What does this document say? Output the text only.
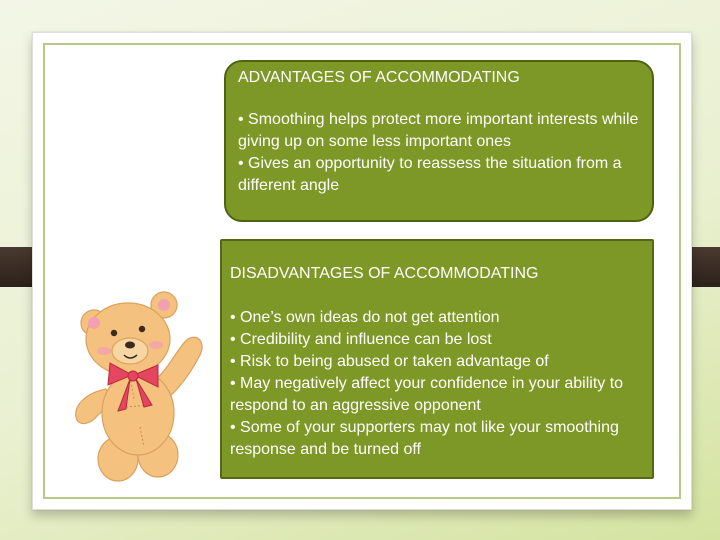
ADVANTAGES OF ACCOMMODATING
• Smoothing helps protect more important interests while giving up on some less important ones
• Gives an opportunity to reassess the situation from a different angle
DISADVANTAGES OF ACCOMMODATING
• One’s own ideas do not get attention
• Credibility and influence can be lost
• Risk to being abused or taken advantage of
• May negatively affect your confidence in your ability to respond to an aggressive opponent
• Some of your supporters may not like your smoothing response and be turned off
